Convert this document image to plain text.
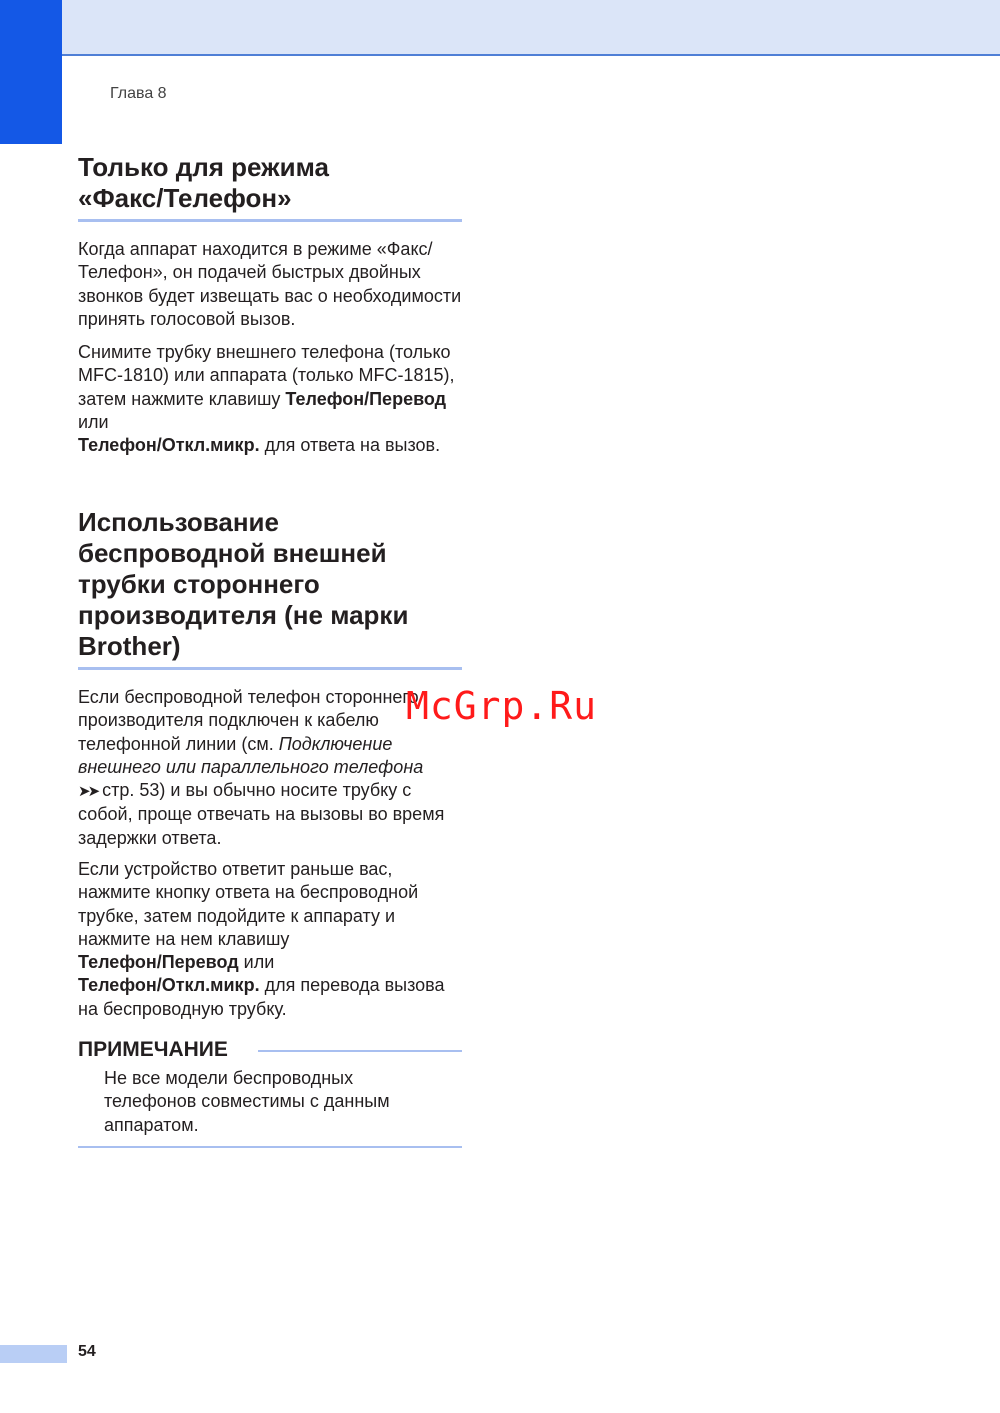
Глава 8
Только для режима
«Факс/Телефон»
Когда аппарат находится в режиме «Факс/Телефон», он подачей быстрых двойных звонков будет извещать вас о необходимости принять голосовой вызов.
Снимите трубку внешнего телефона (только MFC-1810) или аппарата (только MFC-1815), затем нажмите клавишу Телефон/Перевод или
Телефон/Откл.микр. для ответа на вызов.
Использование
беспроводной внешней
трубки стороннего
производителя (не марки
Brother)
Если беспроводной телефон стороннего производителя подключен к кабелю телефонной линии (см. Подключение внешнего или параллельного телефона
➤➤ стр. 53) и вы обычно носите трубку с собой, проще отвечать на вызовы во время задержки ответа.
Если устройство ответит раньше вас, нажмите кнопку ответа на беспроводной трубке, затем подойдите к аппарату и нажмите на нем клавишу
Телефон/Перевод или
Телефон/Откл.микр. для перевода вызова на беспроводную трубку.
ПРИМЕЧАНИЕ
Не все модели беспроводных телефонов совместимы с данным аппаратом.
McGrp.Ru
54
